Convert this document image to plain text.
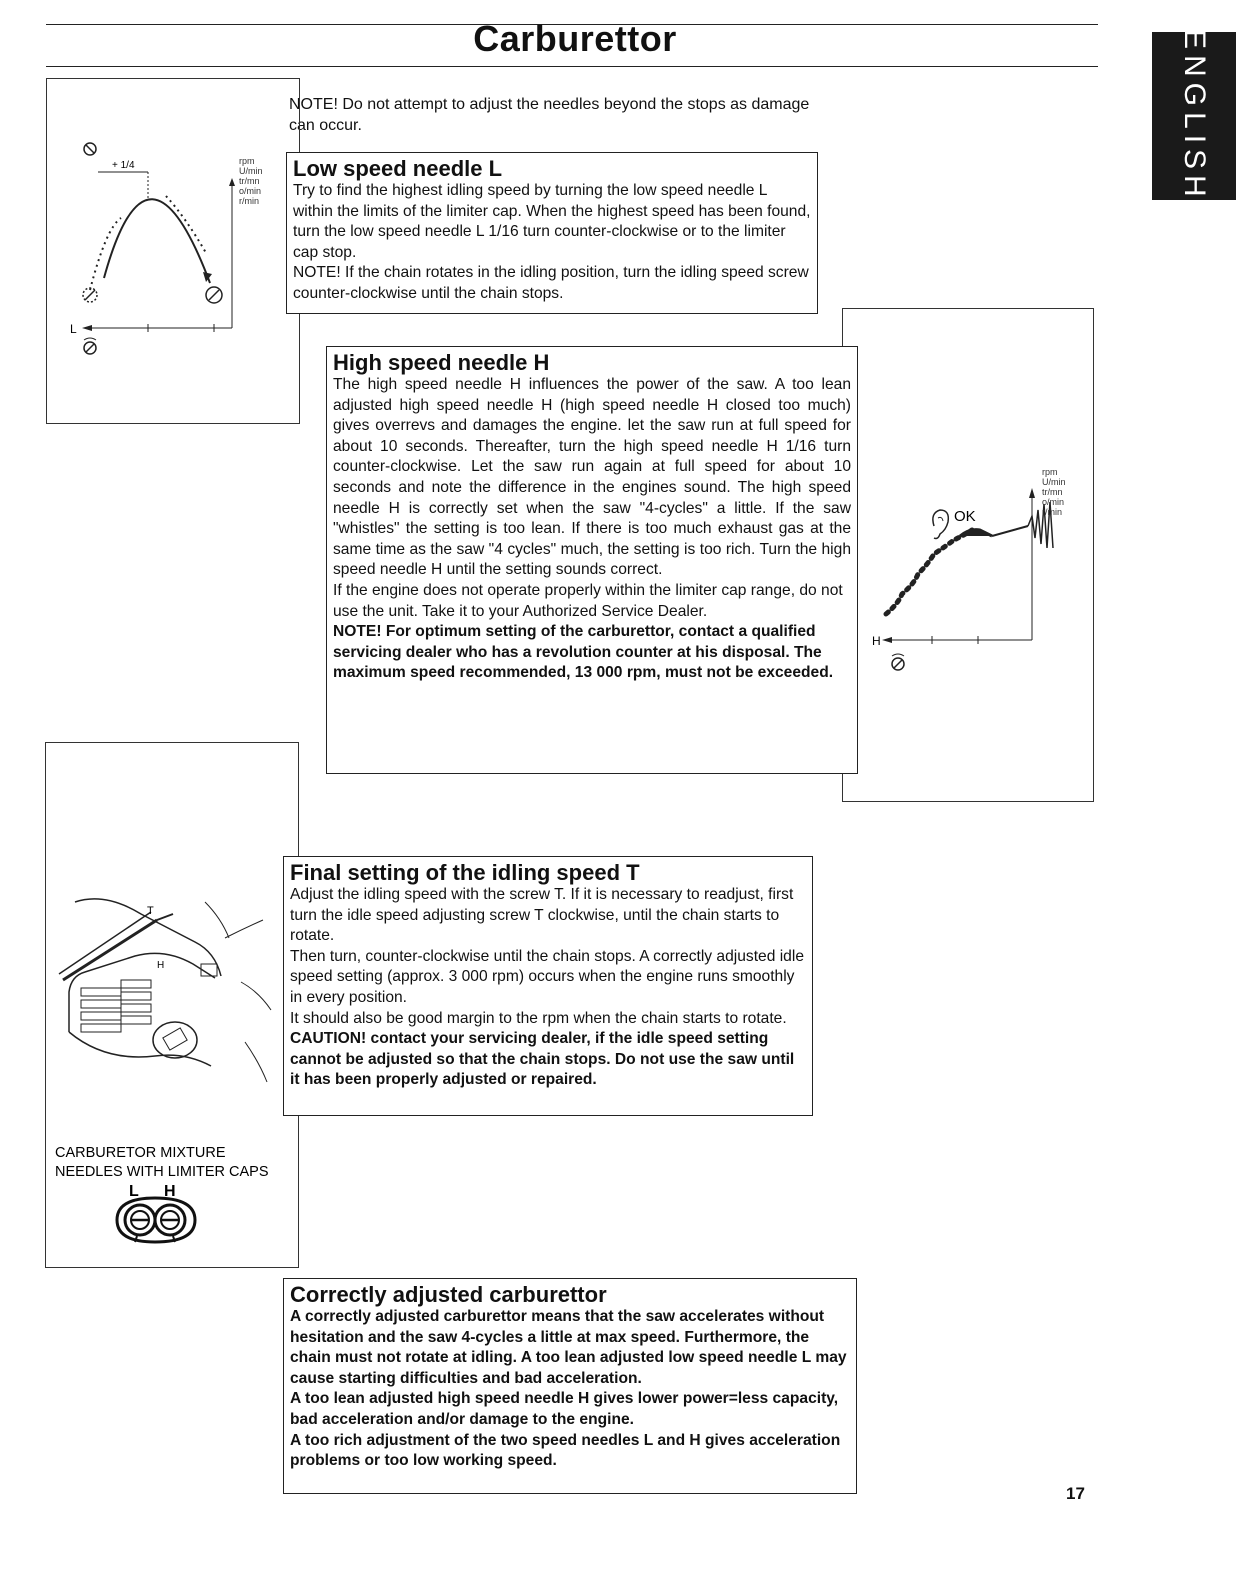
Carburettor	ENGLISH
NOTE! Do not attempt to adjust the needles beyond the stops as damage can occur.
+ 1/4
L
rpm
U/min
tr/mn
o/min
r/min
Low speed needle L

Try to find the highest idling speed by turning the low speed needle L within the limits of the limiter cap. When the highest speed has been found, turn the low speed needle L 1/16 turn counter-clockwise or to the limiter cap stop.

NOTE! If the chain rotates in the idling position, turn the idling speed screw counter-clockwise until the chain stops.

OK
H
rpm
U/min
tr/mn
o/min
r/min
High speed needle H

The high speed needle H influences the power of the saw. A too lean adjusted high speed needle H (high speed needle H closed too much) gives overrevs and damages the engine. let the saw run at full speed for about 10 seconds. Thereafter, turn the high speed needle H 1/16 turn counter-clockwise. Let the saw run again at full speed for about 10 seconds and note the difference in the engines sound. The high speed needle H is correctly set when the saw "4-cycles" a little. If the saw "whistles" the setting is too lean. If there is too much exhaust gas at the same time as the saw "4 cycles" much, the setting is too rich. Turn the high speed needle H until the setting sounds correct.

If the engine does not operate properly within the limiter cap range, do not use the unit. Take it to your Authorized Service Dealer.

NOTE! For optimum setting of the carburettor, contact a qualified servicing dealer who has a revolution counter at his disposal. The maximum speed recommended, 13 000 rpm, must not be exceeded.

T
H
CARBURETOR MIXTURE
NEEDLES WITH LIMITER CAPS
L H
Final setting of the idling speed T

Adjust the idling speed with the screw T. If it is necessary to readjust, first turn the idle speed adjusting screw T clockwise, until the chain starts to rotate.

Then turn, counter-clockwise until the chain stops. A correctly adjusted idle speed setting (approx. 3 000 rpm) occurs when the engine runs smoothly in every position.

It should also be good margin to the rpm when the chain starts to rotate.

CAUTION! contact your servicing dealer, if the idle speed setting cannot be adjusted so that the chain stops. Do not use the saw until it has been properly adjusted or repaired.

Correctly adjusted carburettor

A correctly adjusted carburettor means that the saw accelerates without hesitation and the saw 4-cycles a little at max speed. Furthermore, the chain must not rotate at idling. A too lean adjusted low speed needle L may cause starting difficulties and bad acceleration.

A too lean adjusted high speed needle H gives lower power=less capacity, bad acceleration and/or damage to the engine.

A too rich adjustment of the two speed needles L and H gives acceleration problems or too low working speed.

17
